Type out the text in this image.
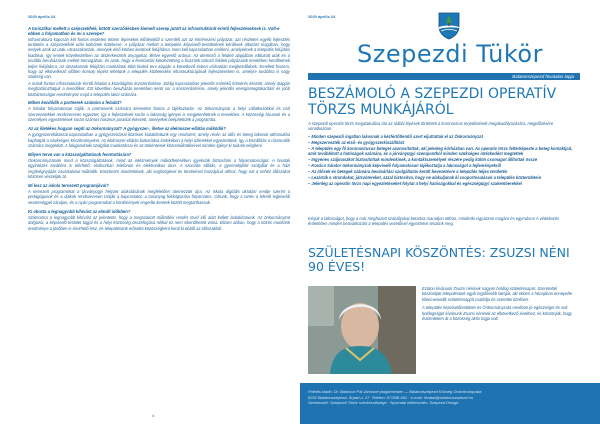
2020 április 24
A turisztikai mellett a szépszekfelé, kötött szerződésben kiemelt szerep jutott az infrastruktúrát érintő fejlesztéseknek is. Volt-e ebben a folyamatban és mi a szerepe?
Infrastruktúra kapcsán két fontos területen tettem lépéseket elődeinktől a szemlélt azt az értelmezési pályázat, azt részletes egyéb fejlesztés területén a szépszekfelé után külsőnek kötelessé. A pályázat mellett a település képviselő-testületének kérdések alkotást magában, hogy melyek azok az utak, utcaszakaszok, amelyek első körben kerülnek felújításra. Nem kell kapcsolatban említeni, amelyeknek a település felújítási kiadásai, így ennek következtében az átszerkesztett anyagokat, illetve egyenlő aránya. Az ütemező a felületi alapjában változott utak és a további beruházások mellett önmagában, és azok, hogy a fenntartási kötelezettség a hozzánk tartozó felületi pályázatok keretében kerülhetnek teljes felújításra. Az útszakaszok felújítási munkálatai több kiviteli terv alapján a következő évben várhatóan megkezdődnek. Emellett hiszem, hogy az elkövetkező időben komoly lépést tehetünk a település közlekedési infrastruktúrájának fejlesztésében is, amelyre továbbra is nagy szükség van.
A másik fontos infrastruktúrát érintő feladat a közvilágítás korszerűsítése. Eddig kapcsolatban jelentős mértékű felmérés készült, amely alapján meghatározhatjuk a teendőket. Ezt követően beruházás keretében kerül sor a korszerűsítésre, amely jelentős energiamegtakarítást és jobb közbiztonságot eredményez majd a település lakói számára.
Miben kezdődik a partnerek számára a feladat?
A feladat folyamatosan zajlik, a partnereink számára kiemelten fontos a tájékoztatás. Az önkormányzat a helyi vállalkozókkal és civil szervezetekkel rendszeresen egyeztet, így a fejlesztések során a lakosság igényei is megjelenhetnek a tervekben. A közösségi fórumok és a személyes egyeztetések során számos hasznos javaslat érkezett, amelyeket beépítettünk a programba.
Az az illetékes hogyan segíti az önkormányzat? A gyógyszer-, illetve az élelmiszer-ellátás működik?
A gyógyszerellátással kapcsolatban a gyógyszertárral közösen kialakítottunk egy rendszert, amely révén az idős és beteg lakosok otthonukba kaphatják a szükséges készítményeket. Az élelmiszer-ellátás biztosítása érdekében a helyi üzletekkel egyeztettünk, így a kiszállítás a rászorulók számára megoldott. A falugondnoki szolgálat munkatársai és az önkéntesek közreműködésével minden igényt ki tudunk elégíteni.
Milyen terve van a közszolgáltatások fenntartására?
Önkormányzatunk mind a közszolgáltatások, mind az intézmények működtetésében igyekszik biztosítani a folyamatosságot. A hivatali ügyintézés továbbra is elérhető, elsősorban telefonon és elektronikus úton. A szociális ellátás, a gyermekjóléti szolgálat és a házi segítségnyújtás zavartalanul működik. Köszönöm mindenkinek, aki segítségével és türelmével hozzájárul ahhoz, hogy ezt a nehéz időszakot közösen vészeljük át.
Mi lesz az iskola tervezett programjával?
A tervezett programokat a járványügyi helyzet alakulásának megfelelően ütemezzük újra. Az iskola digitális oktatási rendje szerint a pedagógusok és a diákok rendszeresen tartják a kapcsolatot, a tananyag feldolgozása folyamatos. Célunk, hogy a tanév a lehető legkisebb veszteséggel záruljon, és a nyári programokat a körülmények engedte keretek között megtarthassuk.
Ki okozta a legnagyobb kihívást az elmúlt időkben?
Számomra a legnagyobb kihívást az jelentette, hogy a megszokott működési rendet rövid idő alatt kellett átalakítanunk. Az önkormányzat dolgozói, a képviselő-testület tagjai és a helyi közösség összefogása nélkül ez nem sikerülhetett volna. Bízom abban, hogy a közös munkánk eredménye a jövőben is érezhető lesz, és településünk erősebb közösségként kerül ki ebből az időszakból.
4
2020 április 24
Szepezdi Tükör
Balatonszepezd hivatalos lapja
BESZÁMOLÓ A SZEPEZDI OPERATÍV TÖRZS MUNKÁJÁRÓL
A szepezdi operatív törzs megalakulása óta az alábbi lépések történtek a koronavírus terjedésének megakadályozására, megelőzésére vonatkozóan:
– Minden szepezdi ingatlan lakosnak a kézfertőtlenítő szert eljuttattuk el az Önkormányzat
– Megszervezték az első- és gyógyszerkiszállítást
– A település egy fő koronavírusos beteget azonosítottak, aki jelenleg kórházban van. Az operatív törzs feltérképezte a beteg kontaktjait, amit továbbított a hatóságok számára, és a járványügyi szempontból minden szükséges intézkedést megtettek
– Ingyenes szájmaszkot biztosítottak mindenkinek, a kontaktszemélyek részére pedig külön csomagot állítottak össze
– Kovács Sándor önkormányzati képviselő folyamatosan tájékoztatja a lakosságot a fejleményekről
– Az idősek és betegek számára bevásárlási szolgáltatás került bevezetésre a település teljes területén
– Lezárták a strandokat, játszótereket, azzal biztosítva, hogy ne alakuljanak ki csoportosulások a település közterületein
– Jelenleg az operatív törzs napi egyeztetéseket folytat a helyi hatóságokkal és egészségügyi szakemberekkel
Kérjük a lakosságot, hogy a már meghozott szabályokat betartva maradjon otthon, mindenki vigyázzon magára és egymásra! A védekezés érdekében minden beavatkozást a település vezetőivel egyeztetve teszünk meg.
SZÜLETÉSNAPI KÖSZÖNTÉS: ZSUZSI NÉNI 90 ÉVES!

Ezúton kívánunk Zsuzsi néninek nagyon boldog születésnapot. Szeretettel köszöntjük településünk egyik legidősebb lakóját, aki ebben a hónapban ünnepelte kilencvenedik születésnapját családja és szerettei körében.

A település képviselőtestülete és Önkormányzata nevében jó egészséget és sok boldogságot kívánunk Zsuzsi néninek az elkövetkező évekhez, és köszönjük, hogy évtizedeken át a közösség aktív tagja volt.

Felelős kiadó: Dr. Barkóczi Pál Jánosné polgármester — Balatonszepezd Község Önkormányzata
8252 Balatonszepezd, Árpád u. 27. Telefon: 87/468-591 · e-mail: hivatal@balatonszepezd.hu
Szerkesztő: Szepezdi Tükör szerkesztősége · Nyomdai előkészítés: Szepezd Design
